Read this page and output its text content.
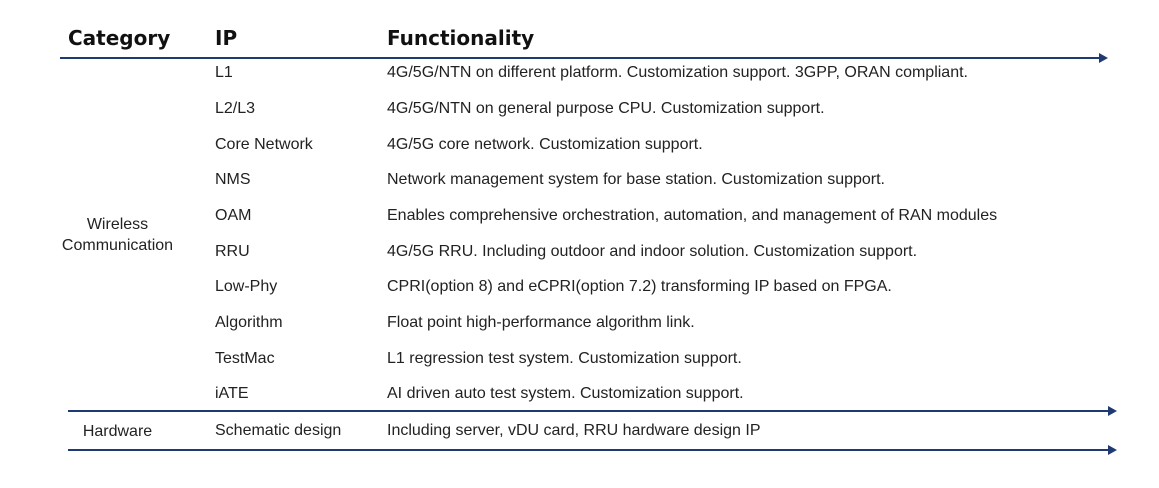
Category IP	Functionality
Wireless
Communication
L1	4G/5G/NTN on different platform. Customization support. 3GPP, ORAN compliant.
L2/L3	4G/5G/NTN on general purpose CPU. Customization support.
Core Network	4G/5G core network. Customization support.
NMS	Network management system for base station. Customization support.
OAM	Enables comprehensive orchestration, automation, and management of RAN modules
RRU	4G/5G RRU. Including outdoor and indoor solution. Customization support.
Low-Phy	CPRI(option 8) and eCPRI(option 7.2) transforming IP based on FPGA.
Algorithm	Float point high-performance algorithm link.
TestMac	L1 regression test system. Customization support.
iATE	AI driven auto test system. Customization support.
Hardware	Schematic design	Including server, vDU card, RRU hardware design IP
